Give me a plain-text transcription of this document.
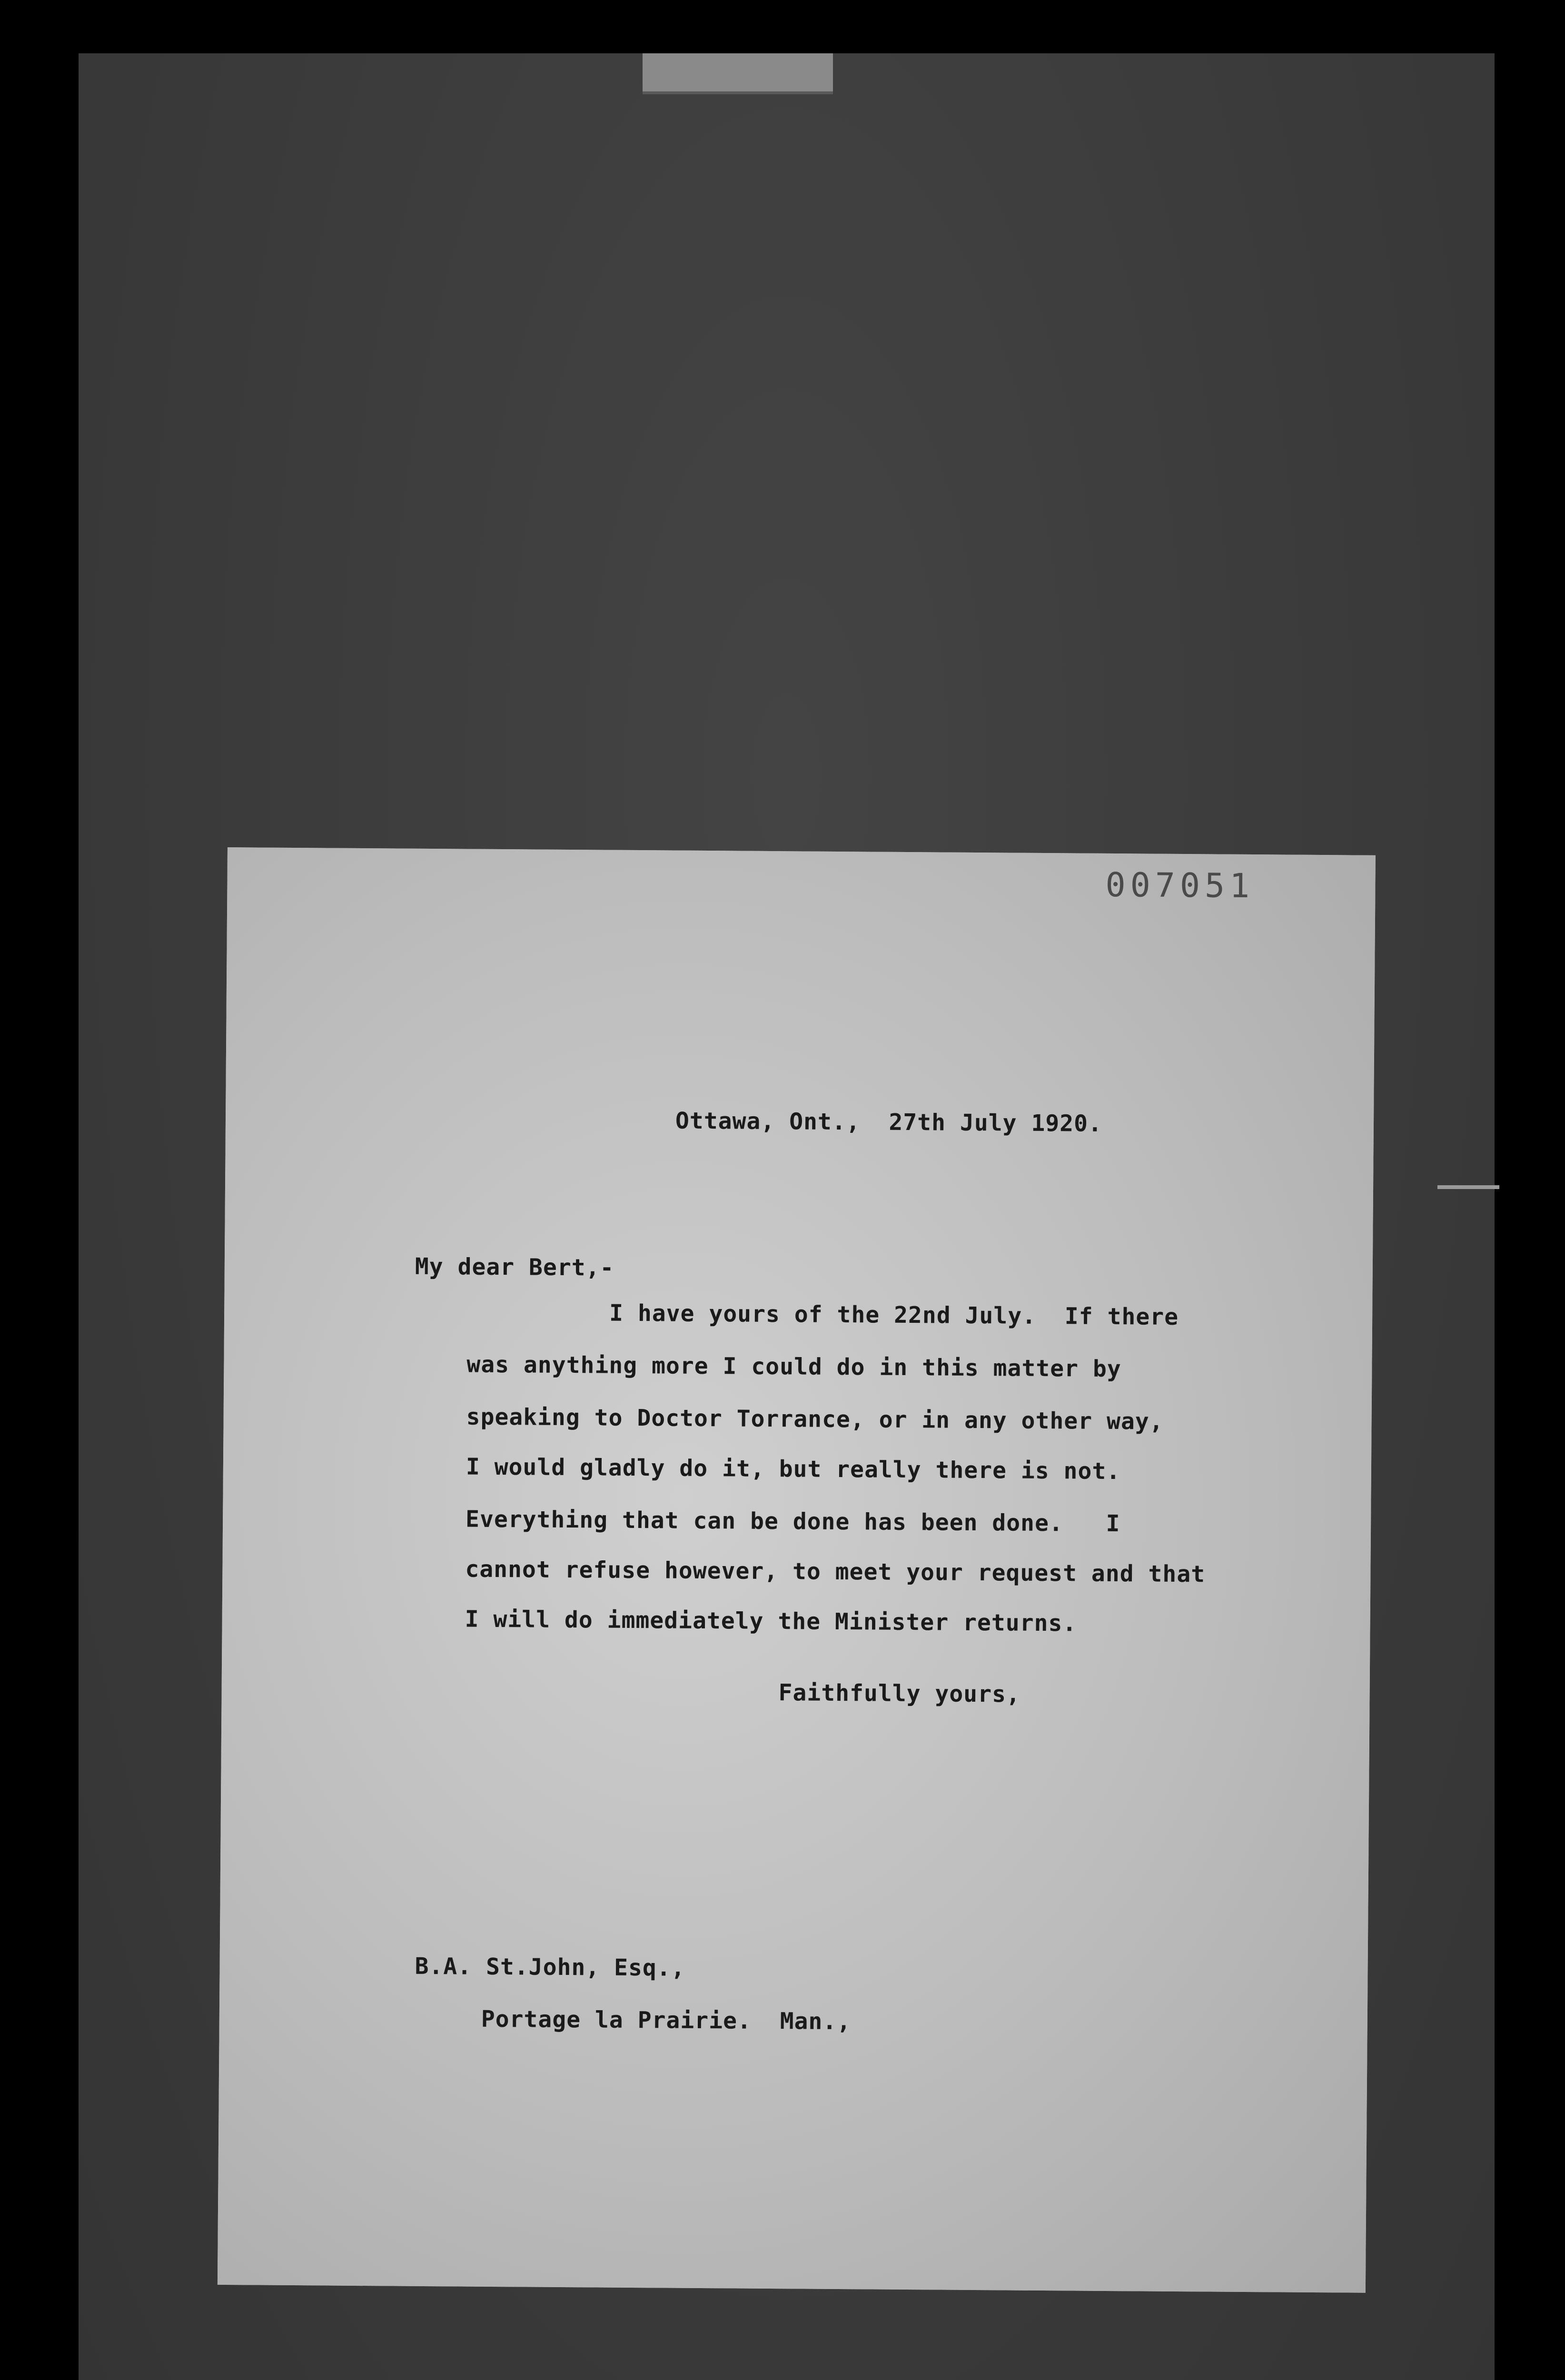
007051
Ottawa, Ont.,  27th July 1920.
My dear Bert,-
I have yours of the 22nd July.  If there
was anything more I could do in this matter by
speaking to Doctor Torrance, or in any other way,
I would gladly do it, but really there is not.
Everything that can be done has been done.   I
cannot refuse however, to meet your request and that
I will do immediately the Minister returns.
Faithfully yours,
B.A. St.John, Esq.,
Portage la Prairie.  Man.,
